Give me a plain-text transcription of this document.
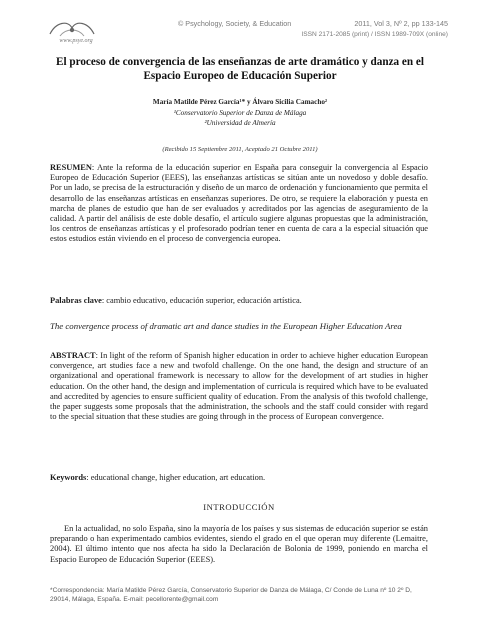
www.psye.org
© Psychology, Society, & Education	2011, Vol 3, Nº 2, pp 133-145
ISSN 2171-2085 (print) / ISSN 1989-709X (online)
El proceso de convergencia de las enseñanzas de arte dramático y danza en el Espacio Europeo de Educación Superior
María Matilde Pérez García¹* y Álvaro Sicilia Camacho²
¹Conservatorio Superior de Danza de Málaga
²Universidad de Almería
(Recibido 15 Septiembre 2011, Aceptado 21 Octubre 2011)
RESUMEN: Ante la reforma de la educación superior en España para conseguir la convergencia al Espacio Europeo de Educación Superior (EEES), las enseñanzas artísticas se sitúan ante un novedoso y doble desafío. Por un lado, se precisa de la estructuración y diseño de un marco de ordenación y funcionamiento que permita el desarrollo de las enseñanzas artísticas en enseñanzas superiores. De otro, se requiere la elaboración y puesta en marcha de planes de estudio que han de ser evaluados y acreditados por las agencias de aseguramiento de la calidad. A partir del análisis de este doble desafío, el artículo sugiere algunas propuestas que la administración, los centros de enseñanzas artísticas y el profesorado podrían tener en cuenta de cara a la especial situación que estos estudios están viviendo en el proceso de convergencia europea.
Palabras clave: cambio educativo, educación superior, educación artística.
The convergence process of dramatic art and dance studies in the European Higher Education Area
ABSTRACT: In light of the reform of Spanish higher education in order to achieve higher education European convergence, art studies face a new and twofold challenge. On the one hand, the design and structure of an organizational and operational framework is necessary to allow for the development of art studies in higher education. On the other hand, the design and implementation of curricula is required which have to be evaluated and accredited by agencies to ensure sufficient quality of education. From the analysis of this twofold challenge, the paper suggests some proposals that the administration, the schools and the staff could consider with regard to the special situation that these studies are going through in the process of European convergence.
Keywords: educational change, higher education, art education.
INTRODUCCIÓN
En la actualidad, no solo España, sino la mayoría de los países y sus sistemas de educación superior se están preparando o han experimentado cambios evidentes, siendo el grado en el que operan muy diferente (Lemaitre, 2004). El último intento que nos afecta ha sido la Declaración de Bolonia de 1999, poniendo en marcha el Espacio Europeo de Educación Superior (EEES).
*Correspondencia: María Matilde Pérez García, Conservatorio Superior de Danza de Málaga, C/ Conde de Luna nº 10 2º D, 29014, Málaga, España. E-mail: pecellorente@gmail.com
